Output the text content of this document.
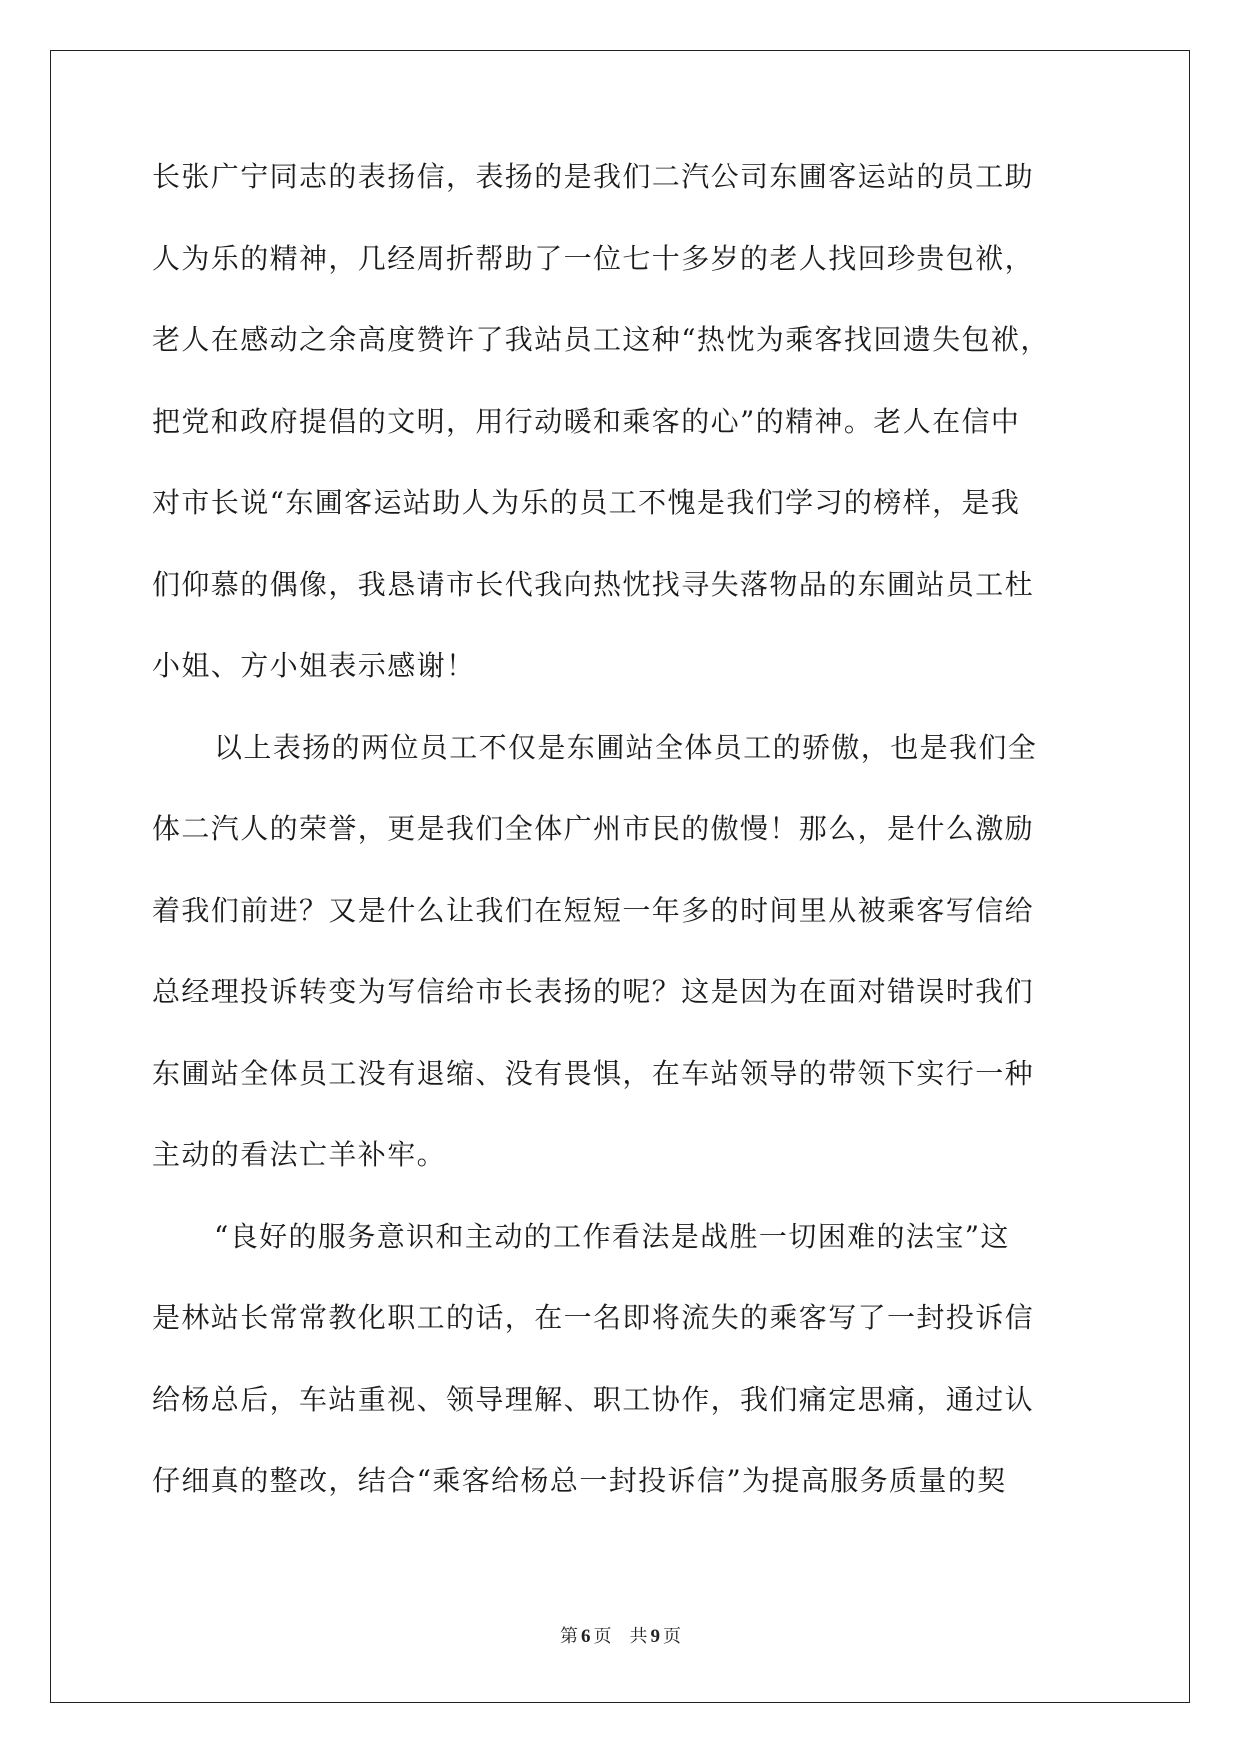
长张广宁同志的表扬信，表扬的是我们二汽公司东圃客运站的员工助
人为乐的精神，几经周折帮助了一位七十多岁的老人找回珍贵包袱，
老人在感动之余高度赞许了我站员工这种“热忱为乘客找回遗失包袱，
把党和政府提倡的文明，用行动暖和乘客的心”的精神。老人在信中
对市长说“东圃客运站助人为乐的员工不愧是我们学习的榜样，是我
们仰慕的偶像，我恳请市长代我向热忱找寻失落物品的东圃站员工杜
小姐、方小姐表示感谢！
以上表扬的两位员工不仅是东圃站全体员工的骄傲，也是我们全
体二汽人的荣誉，更是我们全体广州市民的傲慢！那么，是什么激励
着我们前进？又是什么让我们在短短一年多的时间里从被乘客写信给
总经理投诉转变为写信给市长表扬的呢？这是因为在面对错误时我们
东圃站全体员工没有退缩、没有畏惧，在车站领导的带领下实行一种
主动的看法亡羊补牢。
“良好的服务意识和主动的工作看法是战胜一切困难的法宝”这
是林站长常常教化职工的话，在一名即将流失的乘客写了一封投诉信
给杨总后，车站重视、领导理解、职工协作，我们痛定思痛，通过认
仔细真的整改，结合“乘客给杨总一封投诉信”为提高服务质量的契
第 6 页 共 9 页
